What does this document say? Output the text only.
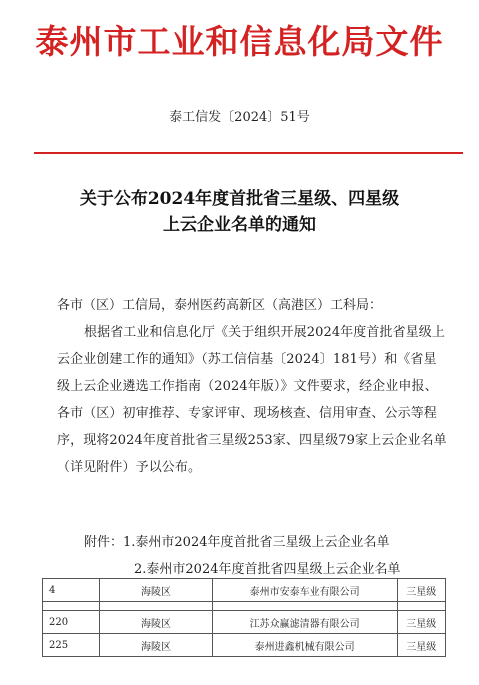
泰州市工业和信息化局文件
泰工信发〔2024〕51号
关于公布2024年度首批省三星级、四星级
上云企业名单的通知
各市（区）工信局，泰州医药高新区（高港区）工科局：
根据省工业和信息化厅《关于组织开展2024年度首批省星级上云企业创建工作的通知》（苏工信信基〔2024〕181号）和《省星级上云企业遴选工作指南（2024年版）》文件要求，经企业申报、各市（区）初审推荐、专家评审、现场核查、信用审查、公示等程序，现将2024年度首批省三星级253家、四星级79家上云企业名单（详见附件）予以公布。
附件：1.泰州市2024年度首批省三星级上云企业名单
2.泰州市2024年度首批省四星级上云企业名单
4	海陵区	泰州市安泰车业有限公司	三星级

220	海陵区	江苏众赢滤清器有限公司	三星级
225	海陵区	泰州进鑫机械有限公司	三星级
